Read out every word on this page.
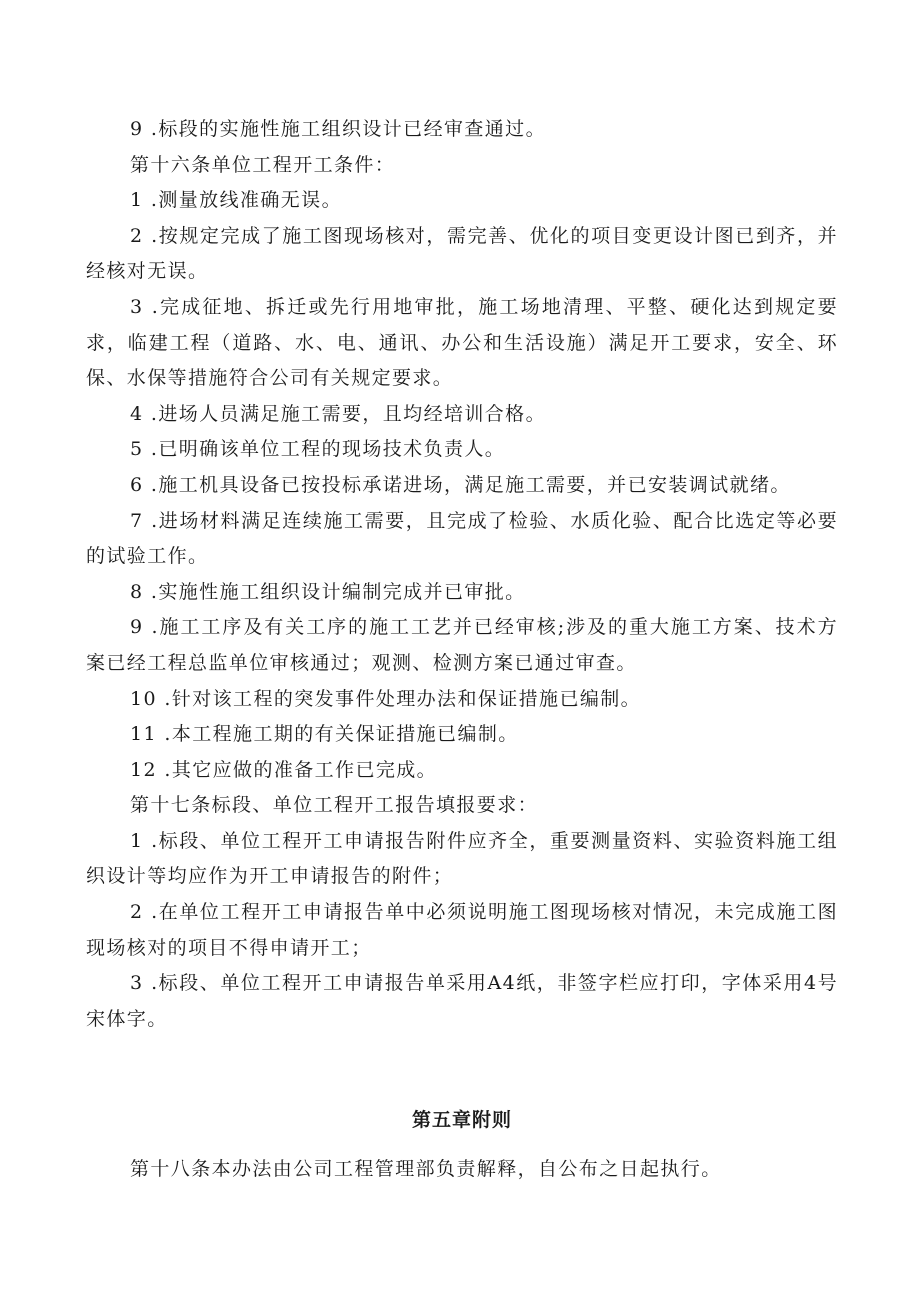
9 .标段的实施性施工组织设计已经审查通过。

第十六条单位工程开工条件：

1 .测量放线准确无误。

2 .按规定完成了施工图现场核对，需完善、优化的项目变更设计图已到齐，并经核对无误。

3 .完成征地、拆迁或先行用地审批，施工场地清理、平整、硬化达到规定要求，临建工程（道路、水、电、通讯、办公和生活设施）满足开工要求，安全、环保、水保等措施符合公司有关规定要求。

4 .进场人员满足施工需要，且均经培训合格。

5 .已明确该单位工程的现场技术负责人。

6 .施工机具设备已按投标承诺进场，满足施工需要，并已安装调试就绪。

7 .进场材料满足连续施工需要，且完成了检验、水质化验、配合比选定等必要的试验工作。

8 .实施性施工组织设计编制完成并已审批。

9 .施工工序及有关工序的施工工艺并已经审核;涉及的重大施工方案、技术方案已经工程总监单位审核通过；观测、检测方案已通过审查。

10 .针对该工程的突发事件处理办法和保证措施已编制。

11 .本工程施工期的有关保证措施已编制。

12 .其它应做的准备工作已完成。

第十七条标段、单位工程开工报告填报要求：

1 .标段、单位工程开工申请报告附件应齐全，重要测量资料、实验资料施工组织设计等均应作为开工申请报告的附件；

2 .在单位工程开工申请报告单中必须说明施工图现场核对情况，未完成施工图现场核对的项目不得申请开工；

3 .标段、单位工程开工申请报告单采用A4纸，非签字栏应打印，字体采用4号宋体字。

第五章附则

第十八条本办法由公司工程管理部负责解释，自公布之日起执行。
